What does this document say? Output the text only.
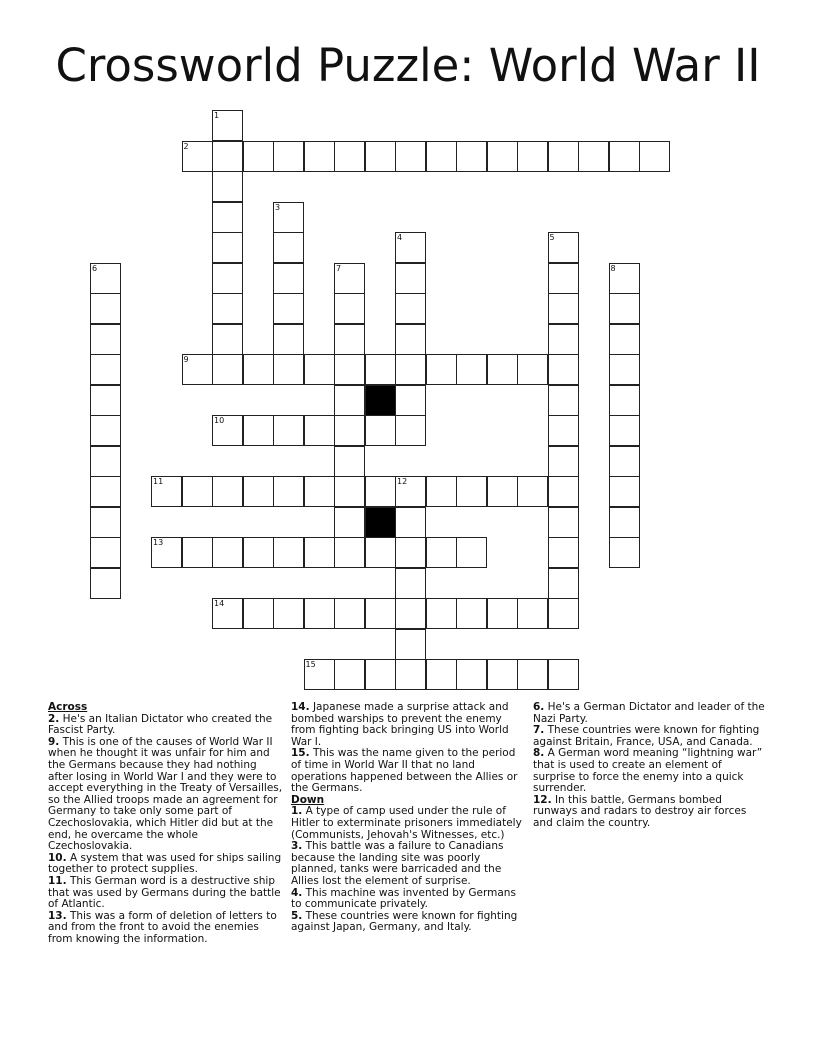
Crossworld Puzzle: World War II
2
9
10
11	12
13
14
15
1
3
4	5
6	7	8
Across
2. He's an Italian Dictator who created the Fascist Party.
9. This is one of the causes of World War II when he thought it was unfair for him and the Germans because they had nothing after losing in World War I and they were to accept everything in the Treaty of Versailles, so the Allied troops made an agreement for Germany to take only some part of Czechoslovakia, which Hitler did but at the end, he overcame the whole Czechoslovakia.
10. A system that was used for ships sailing together to protect supplies.
11. This German word is a destructive ship that was used by Germans during the battle of Atlantic.
13. This was a form of deletion of letters to and from the front to avoid the enemies from knowing the information.
14. Japanese made a surprise attack and bombed warships to prevent the enemy from fighting back bringing US into World War I.
15. This was the name given to the period of time in World War II that no land operations happened between the Allies or the Germans.
Down
1. A type of camp used under the rule of Hitler to exterminate prisoners immediately (Communists, Jehovah's Witnesses, etc.)
3. This battle was a failure to Canadians because the landing site was poorly planned, tanks were barricaded and the Allies lost the element of surprise.
4. This machine was invented by Germans to communicate privately.
5. These countries were known for fighting against Japan, Germany, and Italy.
6. He's a German Dictator and leader of the Nazi Party.
7. These countries were known for fighting against Britain, France, USA, and Canada.
8. A German word meaning “lightning war” that is used to create an element of surprise to force the enemy into a quick surrender.
12. In this battle, Germans bombed runways and radars to destroy air forces and claim the country.
